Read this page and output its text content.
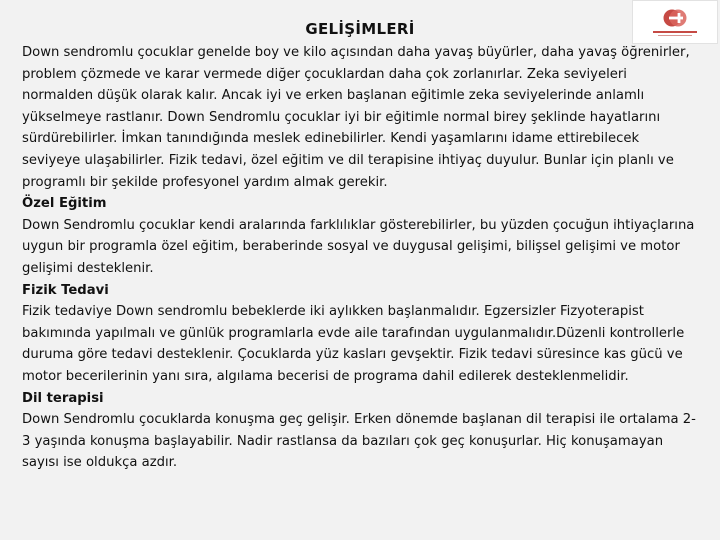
GELİŞİMLERİ

Down sendromlu çocuklar genelde boy ve kilo açısından daha yavaş büyürler, daha yavaş öğrenirler, problem çözmede ve karar vermede diğer çocuklardan daha çok zorlanırlar. Zeka seviyeleri normalden düşük olarak kalır. Ancak iyi ve erken başlanan eğitimle zeka seviyelerinde anlamlı yükselmeye rastlanır. Down Sendromlu çocuklar iyi bir eğitimle normal birey şeklinde hayatlarını sürdürebilirler. İmkan tanındığında meslek edinebilirler. Kendi yaşamlarını idame ettirebilecek seviyeye ulaşabilirler. Fizik tedavi, özel eğitim ve dil terapisine ihtiyaç duyulur. Bunlar için planlı ve programlı bir şekilde profesyonel yardım almak gerekir.

Özel Eğitim

Down Sendromlu çocuklar kendi aralarında farklılıklar gösterebilirler, bu yüzden çocuğun ihtiyaçlarına uygun bir programla özel eğitim, beraberinde sosyal ve duygusal gelişimi, bilişsel gelişimi ve motor gelişimi desteklenir.

Fizik Tedavi

Fizik tedaviye Down sendromlu bebeklerde iki aylıkken başlanmalıdır. Egzersizler Fizyoterapist bakımında yapılmalı ve günlük programlarla evde aile tarafından uygulanmalıdır.Düzenli kontrollerle duruma göre tedavi desteklenir. Çocuklarda yüz kasları gevşektir. Fizik tedavi süresince kas gücü ve motor becerilerinin yanı sıra, algılama becerisi de programa dahil edilerek desteklenmelidir.

Dil terapisi

Down Sendromlu çocuklarda konuşma geç gelişir. Erken dönemde başlanan dil terapisi ile ortalama 2-3 yaşında konuşma başlayabilir. Nadir rastlansa da bazıları çok geç konuşurlar. Hiç konuşamayan sayısı ise oldukça azdır.
